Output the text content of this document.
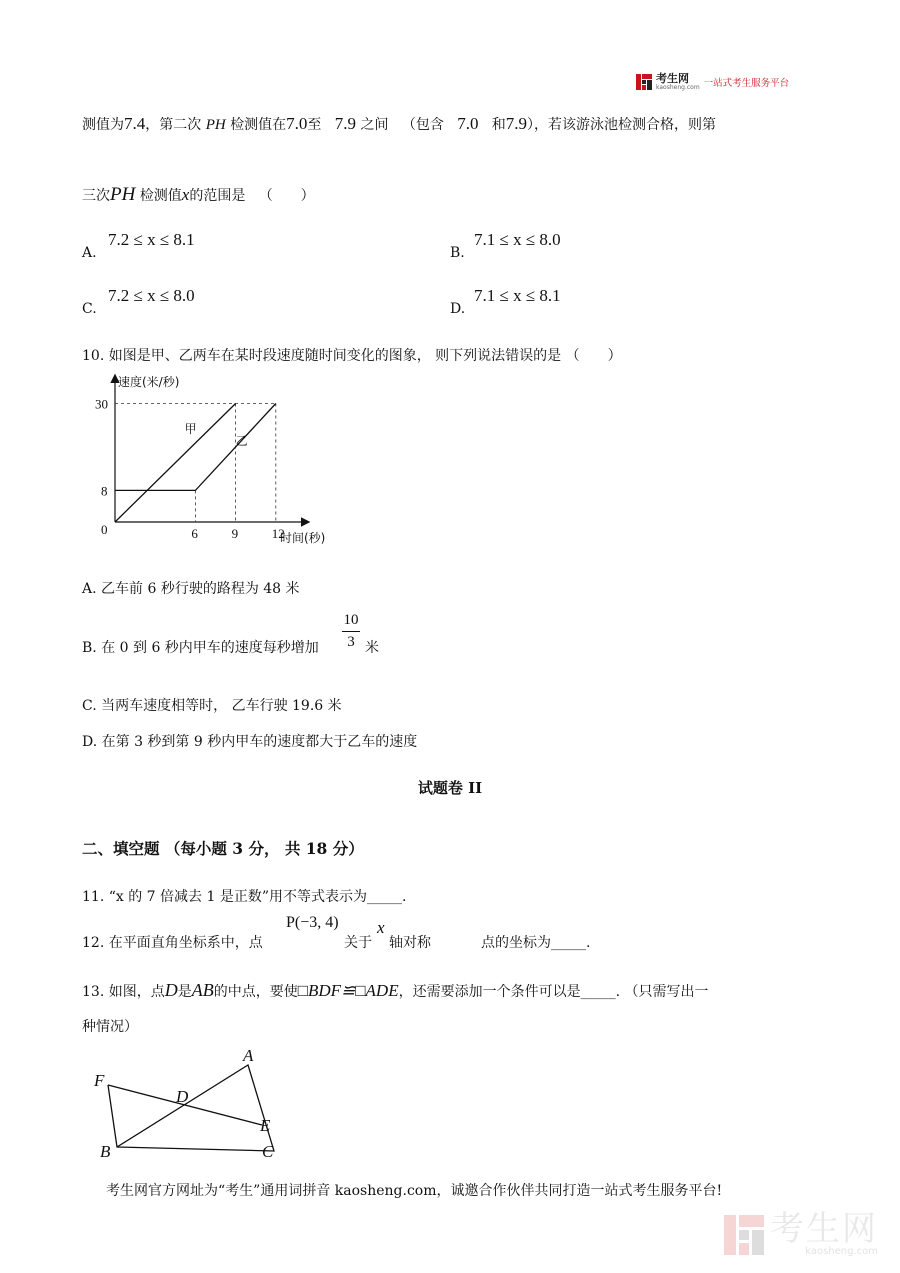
考生网
kaosheng.com 一站式考生服务平台
测值为7.4，第二次 PH 检测值在7.0至 7.9 之间 （包含 7.0 和7.9），若该游泳池检测合格，则第
三次PH 检测值x的范围是 （　　）
A.
7.2 ≤ x ≤ 8.1
B.
7.1 ≤ x ≤ 8.0
C.
7.2 ≤ x ≤ 8.0
D.
7.1 ≤ x ≤ 8.1
10. 如图是甲、乙两车在某时段速度随时间变化的图象， 则下列说法错误的是 （　　）
甲
乙
6	9	12
8
30
0
速度(米/秒)
时间(秒)
A. 乙车前 6 秒行驶的路程为 48 米
B. 在 0 到 6 秒内甲车的速度每秒增加
10
3 米
C. 当两车速度相等时， 乙车行驶 19.6 米
D. 在第 3 秒到第 9 秒内甲车的速度都大于乙车的速度
试题卷 II
二、填空题 （每小题 3 分， 共 18 分）
11. “x 的 7 倍减去 1 是正数”用不等式表示为_____.
12. 在平面直角坐标系中，点
P(−3, 4)
关于
x
轴对称	点的坐标为_____.
13. 如图，点D是AB的中点，要使□BDF≌□ADE，还需要添加一个条件可以是_____. （只需写出一
种情况）
A
F
D
E
B	C
考生网官方网址为“考生”通用词拼音 kaosheng.com，诚邀合作伙伴共同打造一站式考生服务平台!
考生网
kaosheng.com
